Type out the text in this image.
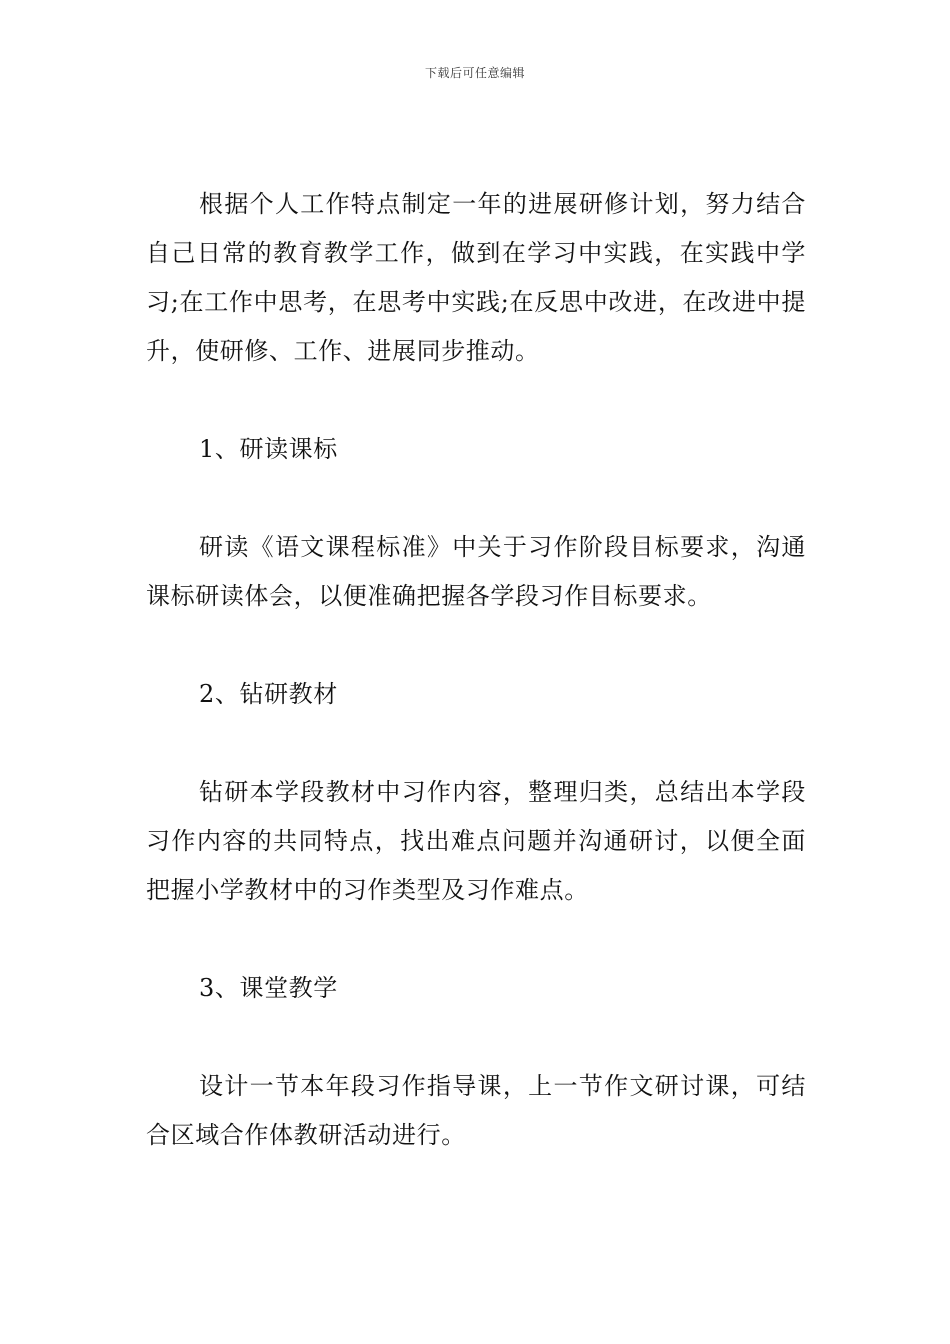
下载后可任意编辑

根据个人工作特点制定一年的进展研修计划，努力结合自己日常的教育教学工作，做到在学习中实践，在实践中学习;在工作中思考，在思考中实践;在反思中改进，在改进中提升，使研修、工作、进展同步推动。

1、研读课标

研读《语文课程标准》中关于习作阶段目标要求，沟通课标研读体会，以便准确把握各学段习作目标要求。

2、钻研教材

钻研本学段教材中习作内容，整理归类，总结出本学段习作内容的共同特点，找出难点问题并沟通研讨，以便全面把握小学教材中的习作类型及习作难点。

3、课堂教学

设计一节本年段习作指导课，上一节作文研讨课，可结合区域合作体教研活动进行。
